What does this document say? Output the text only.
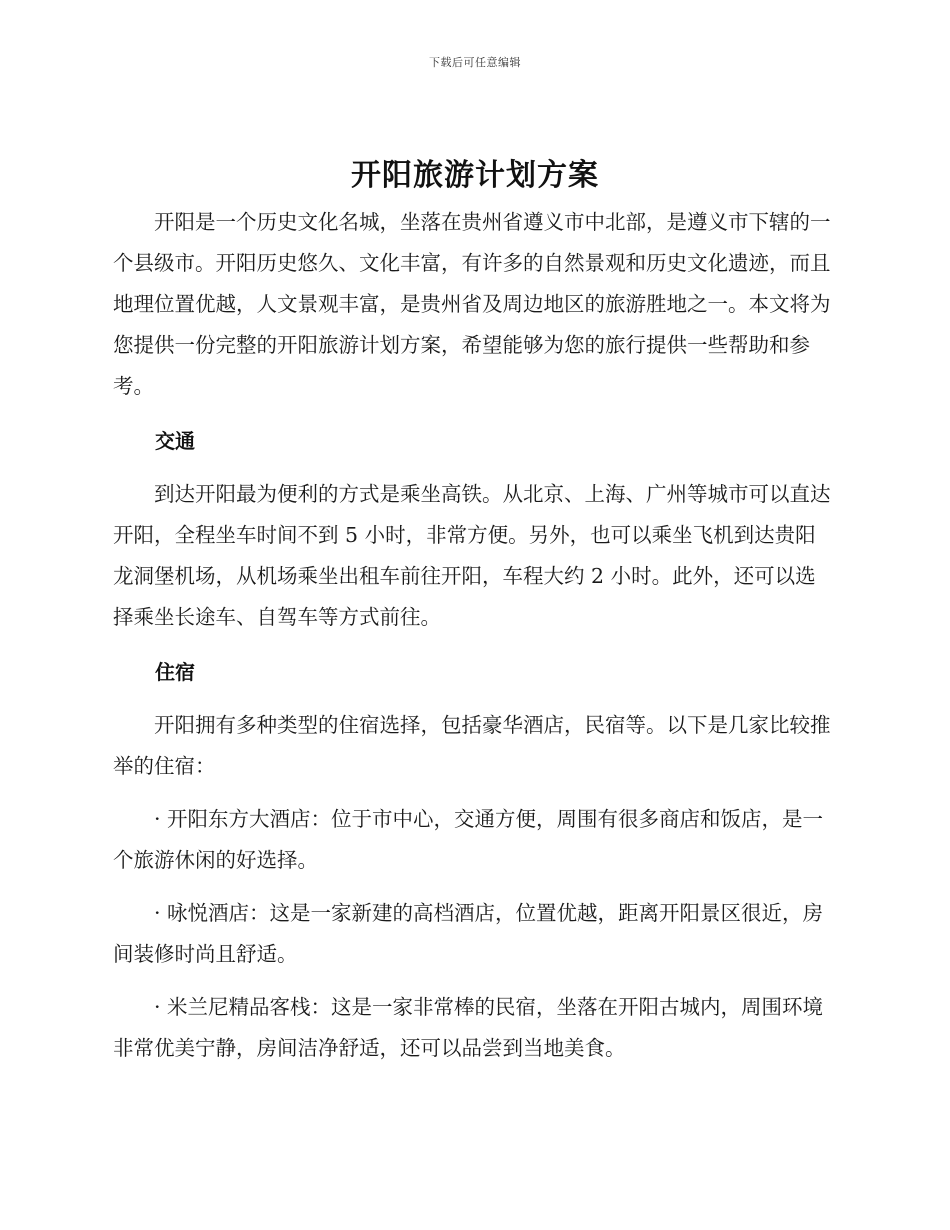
下载后可任意编辑
开阳旅游计划方案

开阳是一个历史文化名城，坐落在贵州省遵义市中北部，是遵义市下辖的一个县级市。开阳历史悠久、文化丰富，有许多的自然景观和历史文化遗迹，而且地理位置优越，人文景观丰富，是贵州省及周边地区的旅游胜地之一。本文将为您提供一份完整的开阳旅游计划方案，希望能够为您的旅行提供一些帮助和参考。

交通

到达开阳最为便利的方式是乘坐高铁。从北京、上海、广州等城市可以直达开阳，全程坐车时间不到 5 小时，非常方便。另外，也可以乘坐飞机到达贵阳龙洞堡机场，从机场乘坐出租车前往开阳，车程大约 2 小时。此外，还可以选择乘坐长途车、自驾车等方式前往。

住宿

开阳拥有多种类型的住宿选择，包括豪华酒店，民宿等。以下是几家比较推举的住宿：

· 开阳东方大酒店：位于市中心，交通方便，周围有很多商店和饭店，是一个旅游休闲的好选择。

· 咏悦酒店：这是一家新建的高档酒店，位置优越，距离开阳景区很近，房间装修时尚且舒适。

· 米兰尼精品客栈：这是一家非常棒的民宿，坐落在开阳古城内，周围环境非常优美宁静，房间洁净舒适，还可以品尝到当地美食。
